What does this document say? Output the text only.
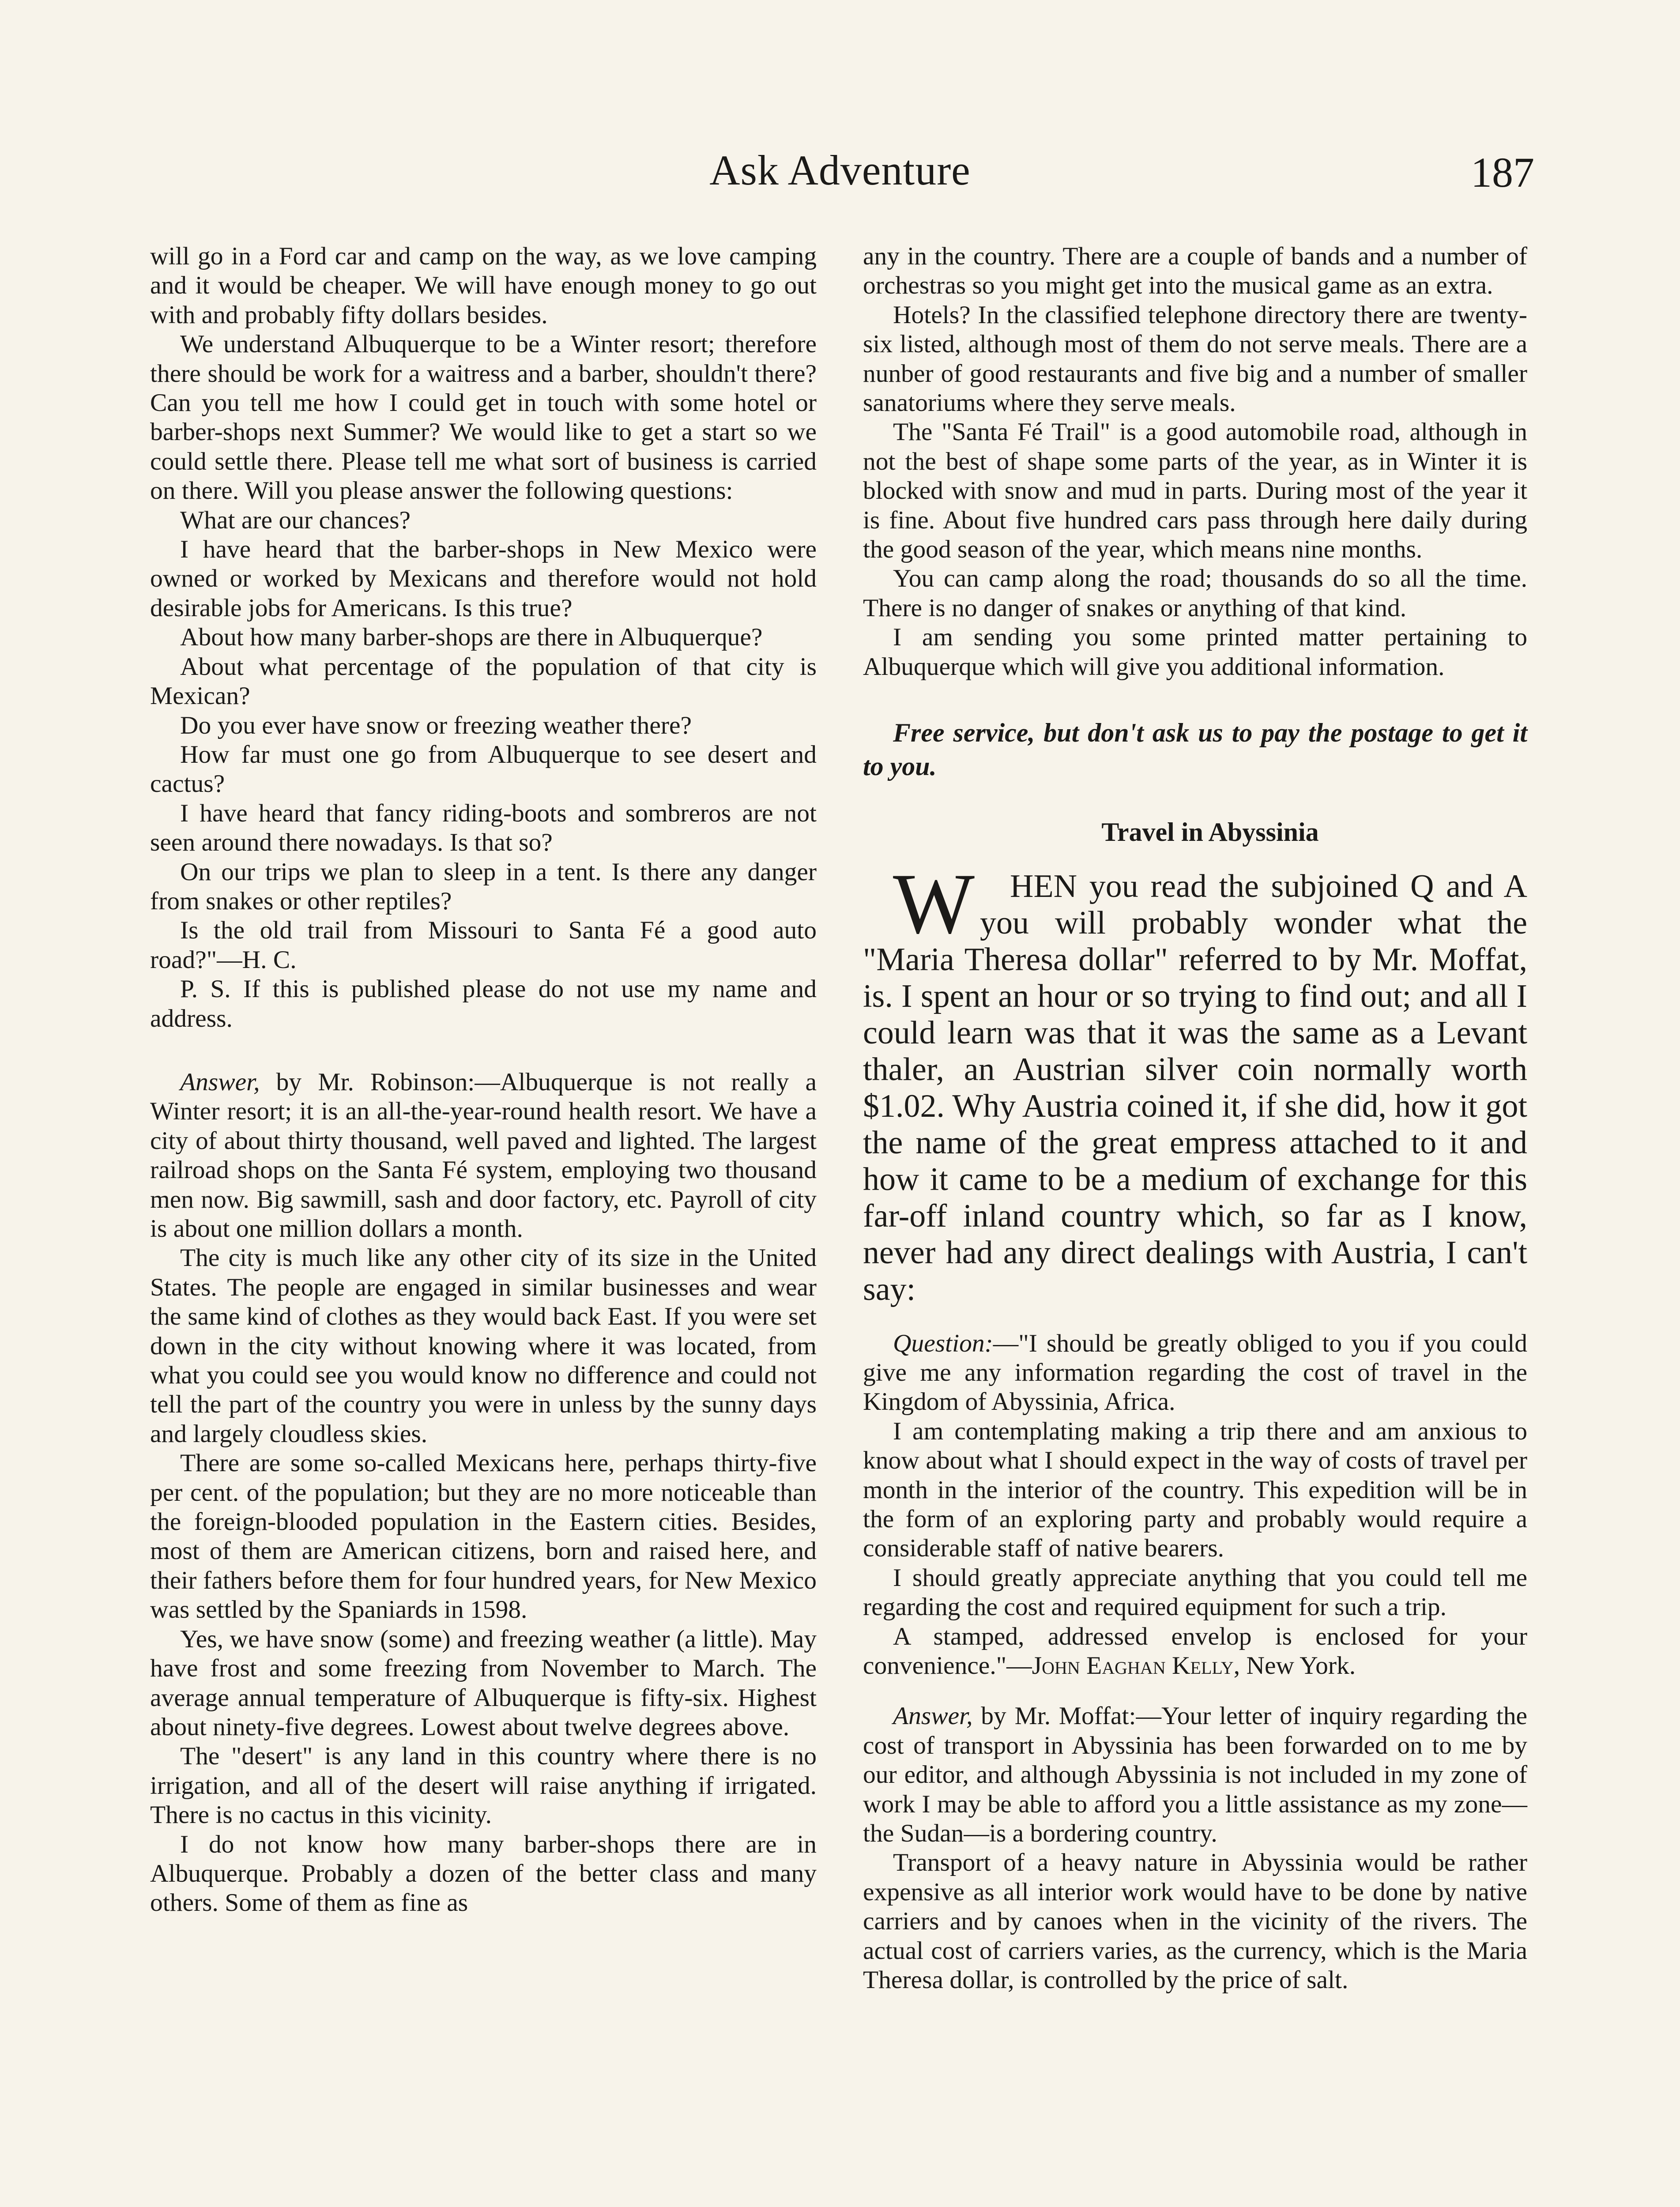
Ask Adventure	187

will go in a Ford car and camp on the way, as we love camping and it would be cheaper. We will have enough money to go out with and probably fifty dollars besides.

We understand Albuquerque to be a Winter resort; therefore there should be work for a waitress and a barber, shouldn't there? Can you tell me how I could get in touch with some hotel or barber-shops next Summer? We would like to get a start so we could settle there. Please tell me what sort of business is carried on there. Will you please answer the following questions:

What are our chances?

I have heard that the barber-shops in New Mexico were owned or worked by Mexicans and therefore would not hold desirable jobs for Americans. Is this true?

About how many barber-shops are there in Albuquerque?

About what percentage of the population of that city is Mexican?

Do you ever have snow or freezing weather there?

How far must one go from Albuquerque to see desert and cactus?

I have heard that fancy riding-boots and sombreros are not seen around there nowadays. Is that so?

On our trips we plan to sleep in a tent. Is there any danger from snakes or other reptiles?

Is the old trail from Missouri to Santa Fé a good auto road?"—H. C.

P. S. If this is published please do not use my name and address.

Answer, by Mr. Robinson:—Albuquerque is not really a Winter resort; it is an all-the-year-round health resort. We have a city of about thirty thousand, well paved and lighted. The largest railroad shops on the Santa Fé system, employing two thousand men now. Big sawmill, sash and door factory, etc. Payroll of city is about one million dollars a month.

The city is much like any other city of its size in the United States. The people are engaged in similar businesses and wear the same kind of clothes as they would back East. If you were set down in the city without knowing where it was located, from what you could see you would know no difference and could not tell the part of the country you were in unless by the sunny days and largely cloudless skies.

There are some so-called Mexicans here, perhaps thirty-five per cent. of the population; but they are no more noticeable than the foreign-blooded population in the Eastern cities. Besides, most of them are American citizens, born and raised here, and their fathers before them for four hundred years, for New Mexico was settled by the Spaniards in 1598.

Yes, we have snow (some) and freezing weather (a little). May have frost and some freezing from November to March. The average annual temperature of Albuquerque is fifty-six. Highest about ninety-five degrees. Lowest about twelve degrees above.

The "desert" is any land in this country where there is no irrigation, and all of the desert will raise anything if irrigated. There is no cactus in this vicinity.

I do not know how many barber-shops there are in Albuquerque. Probably a dozen of the better class and many others. Some of them as fine as

any in the country. There are a couple of bands and a number of orchestras so you might get into the musical game as an extra.

Hotels? In the classified telephone directory there are twenty-six listed, although most of them do not serve meals. There are a nunber of good restaurants and five big and a number of smaller sanatoriums where they serve meals.

The "Santa Fé Trail" is a good automobile road, although in not the best of shape some parts of the year, as in Winter it is blocked with snow and mud in parts. During most of the year it is fine. About five hundred cars pass through here daily during the good season of the year, which means nine months.

You can camp along the road; thousands do so all the time. There is no danger of snakes or anything of that kind.

I am sending you some printed matter pertaining to Albuquerque which will give you additional information.

Free service, but don't ask us to pay the postage to get it to you.

Travel in Abyssinia

W HEN you read the subjoined Q and A you will probably wonder what the "Maria Theresa dollar" referred to by Mr. Moffat, is. I spent an hour or so trying to find out; and all I could learn was that it was the same as a Levant thaler, an Austrian silver coin normally worth $1.02. Why Austria coined it, if she did, how it got the name of the great empress attached to it and how it came to be a medium of exchange for this far-off inland country which, so far as I know, never had any direct dealings with Austria, I can't say:

Question:—"I should be greatly obliged to you if you could give me any information regarding the cost of travel in the Kingdom of Abyssinia, Africa.

I am contemplating making a trip there and am anxious to know about what I should expect in the way of costs of travel per month in the interior of the country. This expedition will be in the form of an exploring party and probably would require a considerable staff of native bearers.

I should greatly appreciate anything that you could tell me regarding the cost and required equipment for such a trip.

A stamped, addressed envelop is enclosed for your convenience."—John Eaghan Kelly, New York.

Answer, by Mr. Moffat:—Your letter of inquiry regarding the cost of transport in Abyssinia has been forwarded on to me by our editor, and although Abyssinia is not included in my zone of work I may be able to afford you a little assistance as my zone—the Sudan—is a bordering country.

Transport of a heavy nature in Abyssinia would be rather expensive as all interior work would have to be done by native carriers and by canoes when in the vicinity of the rivers. The actual cost of carriers varies, as the currency, which is the Maria Theresa dollar, is controlled by the price of salt.
